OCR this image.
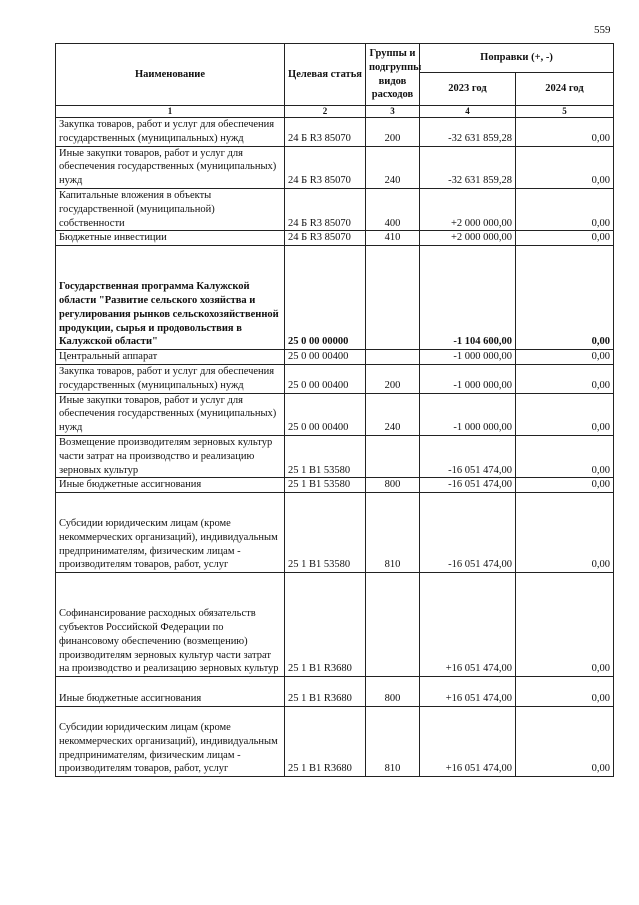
559
Наименование	Целевая статья	Группы и подгруппы видов расходов	Поправки (+, -)	
			2023 год	2024 год
1	2	3	4	5
Закупка товаров, работ и услуг для обеспечения государственных (муниципальных) нужд	24 Б R3 85070	200	-32 631 859,28	0,00
Иные закупки товаров, работ и услуг для обеспечения государственных (муниципальных) нужд	24 Б R3 85070	240	-32 631 859,28	0,00
Капитальные вложения в объекты государственной (муниципальной) собственности	24 Б R3 85070	400	+2 000 000,00	0,00
Бюджетные инвестиции	24 Б R3 85070	410	+2 000 000,00	0,00
Государственная программа Калужской области "Развитие сельского хозяйства и регулирования рынков сельскохозяйственной продукции, сырья и продовольствия в Калужской области"	25 0 00 00000		-1 104 600,00	0,00
Центральный аппарат	25 0 00 00400		-1 000 000,00	0,00
Закупка товаров, работ и услуг для обеспечения государственных (муниципальных) нужд	25 0 00 00400	200	-1 000 000,00	0,00
Иные закупки товаров, работ и услуг для обеспечения государственных (муниципальных) нужд	25 0 00 00400	240	-1 000 000,00	0,00
Возмещение производителям зерновых культур части затрат на производство и реализацию зерновых культур	25 1 B1 53580		-16 051 474,00	0,00
Иные бюджетные ассигнования	25 1 B1 53580	800	-16 051 474,00	0,00
Субсидии юридическим лицам (кроме некоммерческих организаций), индивидуальным предпринимателям, физическим лицам - производителям товаров, работ, услуг	25 1 B1 53580	810	-16 051 474,00	0,00
Софинансирование расходных обязательств субъектов Российской Федерации по финансовому обеспечению (возмещению) производителям зерновых культур части затрат на производство и реализацию зерновых культур	25 1 B1 R3680		+16 051 474,00	0,00
Иные бюджетные ассигнования	25 1 B1 R3680	800	+16 051 474,00	0,00
Субсидии юридическим лицам (кроме некоммерческих организаций), индивидуальным предпринимателям, физическим лицам - производителям товаров, работ, услуг	25 1 B1 R3680	810	+16 051 474,00	0,00
